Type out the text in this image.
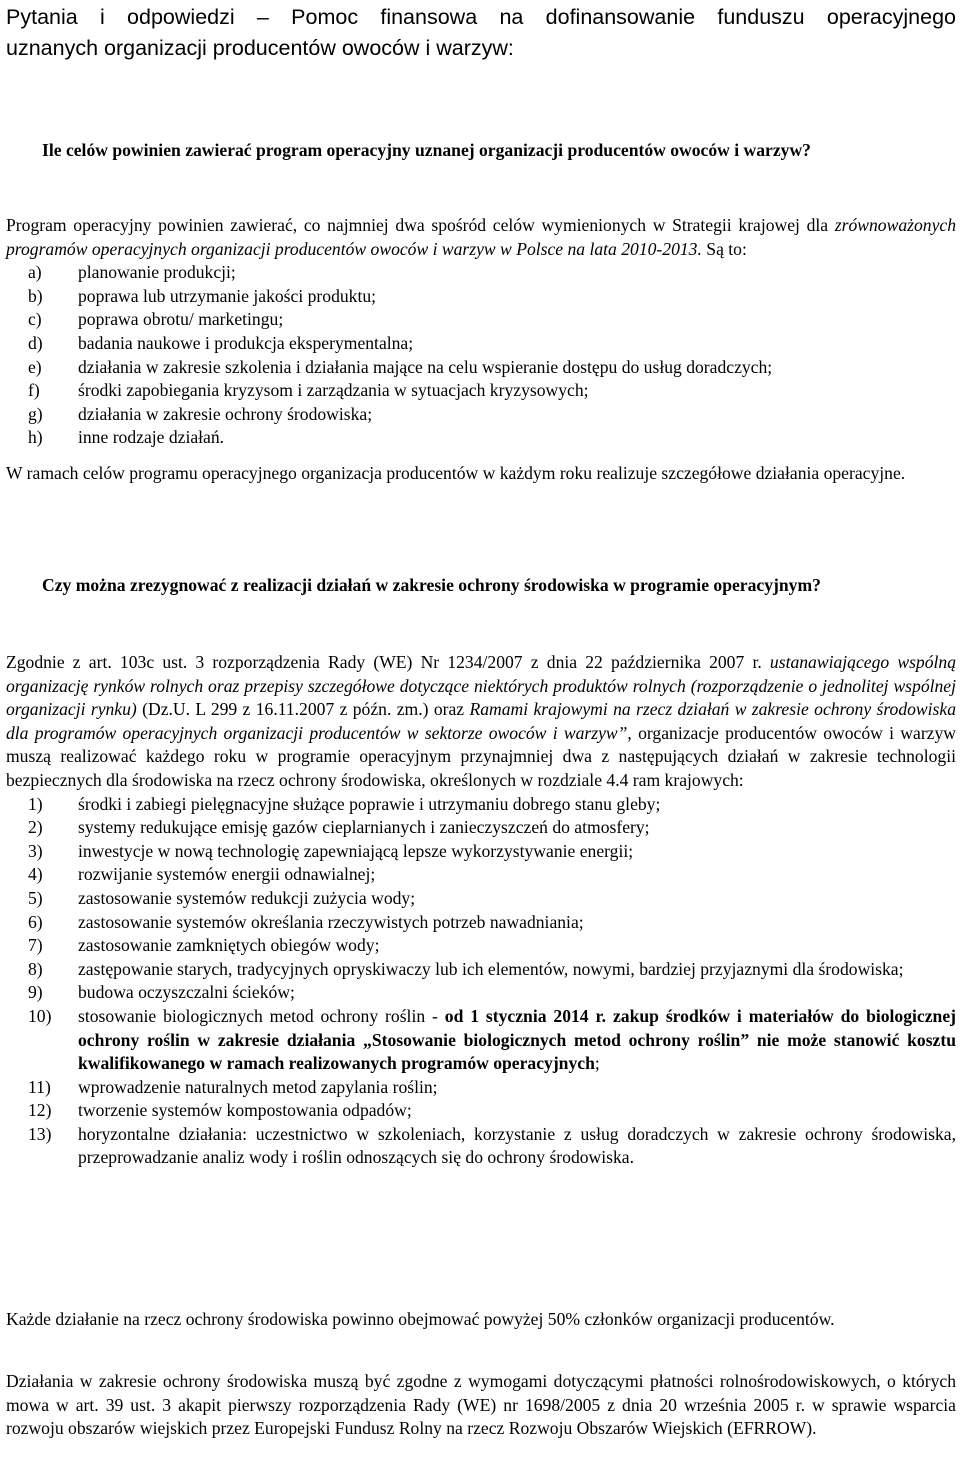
Pytania i odpowiedzi – Pomoc finansowa na dofinansowanie funduszu operacyjnego
uznanych organizacji producentów owoców i warzyw:

Ile celów powinien zawierać program operacyjny uznanej organizacji producentów owoców i warzyw?

Program operacyjny powinien zawierać, co najmniej dwa spośród celów wymienionych w Strategii krajowej dla zrównoważonych programów operacyjnych organizacji producentów owoców i warzyw w Polsce na lata 2010-2013. Są to:

a) planowanie produkcji;
b) poprawa lub utrzymanie jakości produktu;
c) poprawa obrotu/ marketingu;
d) badania naukowe i produkcja eksperymentalna;
e) działania w zakresie szkolenia i działania mające na celu wspieranie dostępu do usług doradczych;
f) środki zapobiegania kryzysom i zarządzania w sytuacjach kryzysowych;
g) działania w zakresie ochrony środowiska;
h) inne rodzaje działań.

W ramach celów programu operacyjnego organizacja producentów w każdym roku realizuje szczegółowe działania operacyjne.

Czy można zrezygnować z realizacji działań w zakresie ochrony środowiska w programie operacyjnym?

Zgodnie z art. 103c ust. 3 rozporządzenia Rady (WE) Nr 1234/2007 z dnia 22 października 2007 r. ustanawiającego wspólną organizację rynków rolnych oraz przepisy szczegółowe dotyczące niektórych produktów rolnych (rozporządzenie o jednolitej wspólnej organizacji rynku) (Dz.U. L 299 z 16.11.2007 z późn. zm.) oraz Ramami krajowymi na rzecz działań w zakresie ochrony środowiska dla programów operacyjnych organizacji producentów w sektorze owoców i warzyw”, organizacje producentów owoców i warzyw muszą realizować każdego roku w programie operacyjnym przynajmniej dwa z następujących działań w zakresie technologii bezpiecznych dla środowiska na rzecz ochrony środowiska, określonych w rozdziale 4.4 ram krajowych:

1) środki i zabiegi pielęgnacyjne służące poprawie i utrzymaniu dobrego stanu gleby;
2) systemy redukujące emisję gazów cieplarnianych i zanieczyszczeń do atmosfery;
3) inwestycje w nową technologię zapewniającą lepsze wykorzystywanie energii;
4) rozwijanie systemów energii odnawialnej;
5) zastosowanie systemów redukcji zużycia wody;
6) zastosowanie systemów określania rzeczywistych potrzeb nawadniania;
7) zastosowanie zamkniętych obiegów wody;
8) zastępowanie starych, tradycyjnych opryskiwaczy lub ich elementów, nowymi, bardziej przyjaznymi dla środowiska;
9) budowa oczyszczalni ścieków;
10) stosowanie biologicznych metod ochrony roślin - od 1 stycznia 2014 r. zakup środków i materiałów do biologicznej ochrony roślin w zakresie działania „Stosowanie biologicznych metod ochrony roślin” nie może stanowić kosztu kwalifikowanego w ramach realizowanych programów operacyjnych;
11) wprowadzenie naturalnych metod zapylania roślin;
12) tworzenie systemów kompostowania odpadów;
13) horyzontalne działania: uczestnictwo w szkoleniach, korzystanie z usług doradczych w zakresie ochrony środowiska, przeprowadzanie analiz wody i roślin odnoszących się do ochrony środowiska.

Każde działanie na rzecz ochrony środowiska powinno obejmować powyżej 50% członków organizacji producentów.

Działania w zakresie ochrony środowiska muszą być zgodne z wymogami dotyczącymi płatności rolnośrodowiskowych, o których mowa w art. 39 ust. 3 akapit pierwszy rozporządzenia Rady (WE) nr 1698/2005 z dnia 20 września 2005 r. w sprawie wsparcia rozwoju obszarów wiejskich przez Europejski Fundusz Rolny na rzecz Rozwoju Obszarów Wiejskich (EFRROW).
